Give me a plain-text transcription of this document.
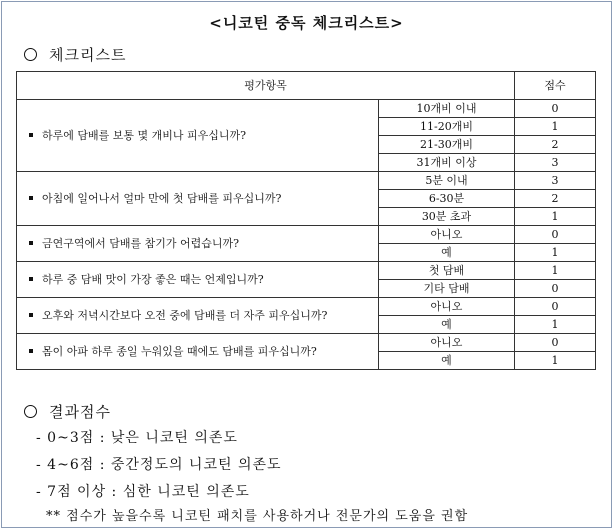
<니코틴 중독 체크리스트>
체크리스트
평가항목		점수
하루에 담배를 보통 몇 개비나 피우십니까?	10개비 이내	0
	11-20개비	1
	21-30개비	2
	31개비 이상	3
아침에 일어나서 얼마 만에 첫 담배를 피우십니까?	5분 이내	3
	6-30분	2
	30분 초과	1
금연구역에서 담배를 참기가 어렵습니까?	아니오	0
	예	1
하루 중 담배 맛이 가장 좋은 때는 언제입니까?	첫 담배	1
	기타 담배	0
오후와 저녁시간보다 오전 중에 담배를 더 자주 피우십니까?	아니오	0
	예	1
몸이 아파 하루 종일 누워있을 때에도 담배를 피우십니까?	아니오	0
	예	1
결과점수
- 0~3점 : 낮은 니코틴 의존도
- 4~6점 : 중간정도의 니코틴 의존도
- 7점 이상 : 심한 니코틴 의존도
** 점수가 높을수록 니코틴 패치를 사용하거나 전문가의 도움을 권함
